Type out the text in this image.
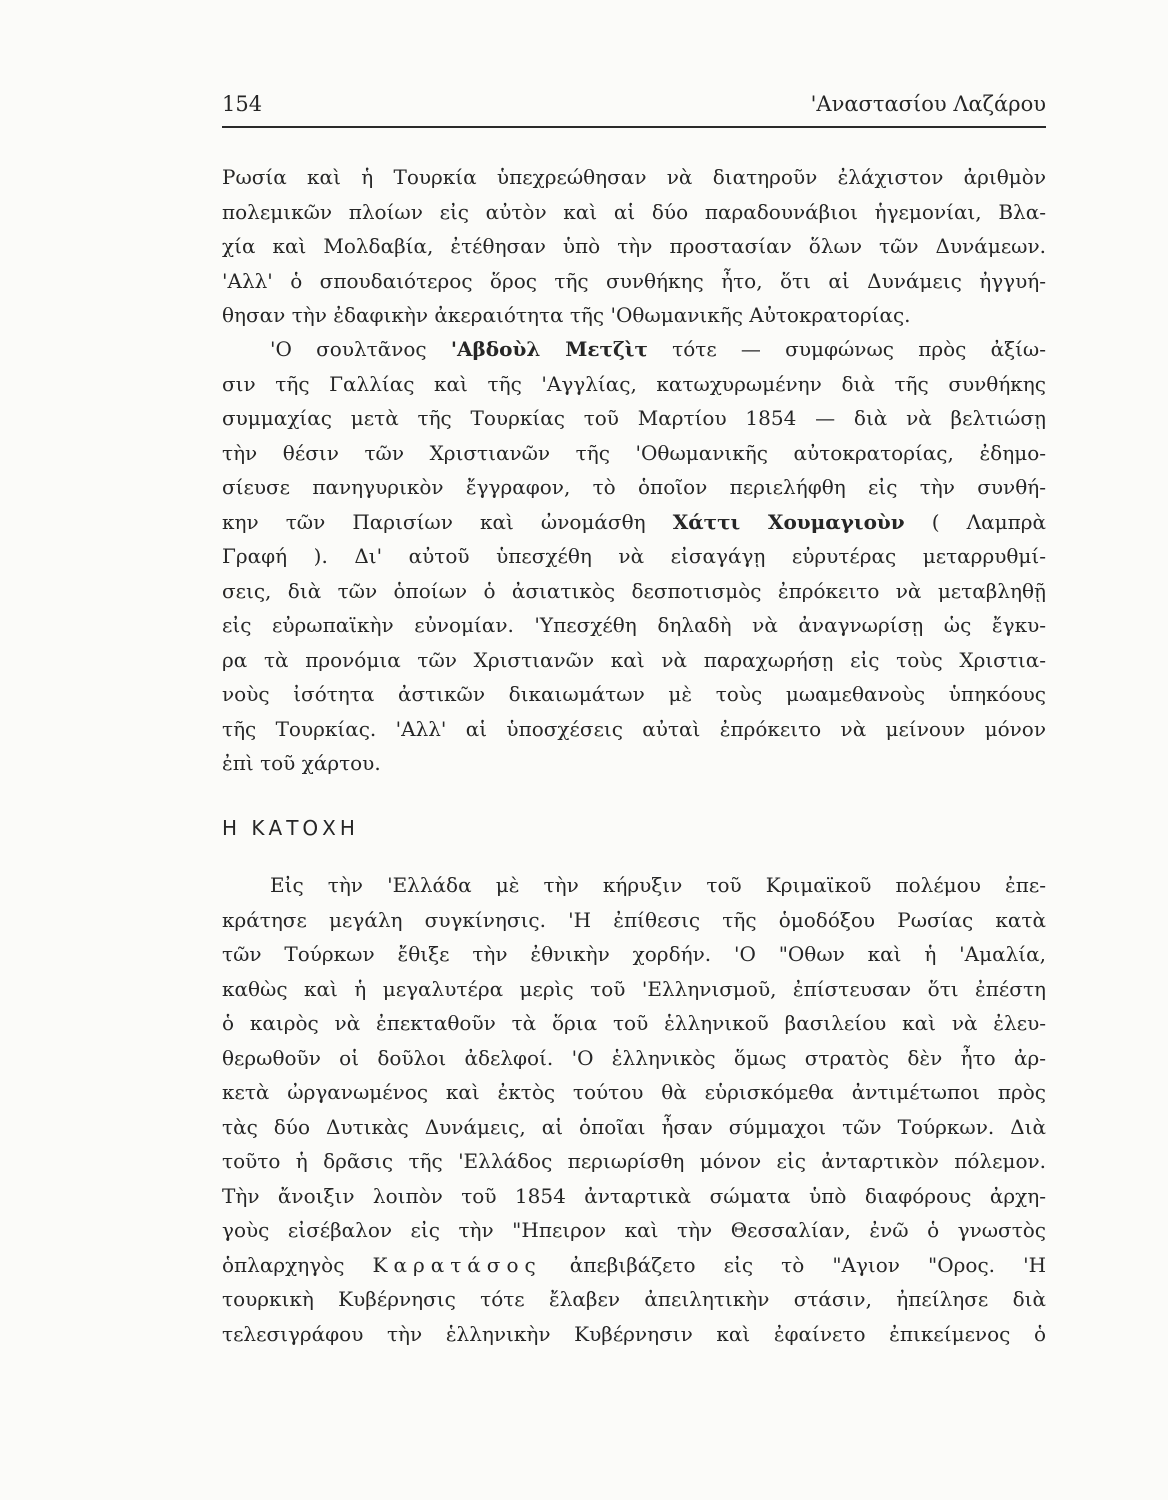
154	'Αναστασίου Λαζάρου
Ρωσία καὶ ἡ Τουρκία ὑπεχρεώθησαν νὰ διατηροῦν ἐλάχιστον ἀριθμὸν
πολεμικῶν πλοίων εἰς αὐτὸν καὶ αἱ δύο παραδουνάβιοι ἡγεμονίαι, Βλα-
χία καὶ Μολδαβία, ἐτέθησαν ὑπὸ τὴν προστασίαν ὅλων τῶν Δυνάμεων.
'Αλλ' ὁ σπουδαιότερος ὅρος τῆς συνθήκης ἦτο, ὅτι αἱ Δυνάμεις ἠγγυή-
θησαν τὴν ἐδαφικὴν ἀκεραιότητα τῆς 'Οθωμανικῆς Αὐτοκρατορίας.
'Ο σουλτᾶνος 'Αβδοὺλ Μετζὶτ τότε — συμφώνως πρὸς ἀξίω-
σιν τῆς Γαλλίας καὶ τῆς 'Αγγλίας, κατωχυρωμένην διὰ τῆς συνθήκης
συμμαχίας μετὰ τῆς Τουρκίας τοῦ Μαρτίου 1854 — διὰ νὰ βελτιώσῃ
τὴν θέσιν τῶν Χριστιανῶν τῆς 'Οθωμανικῆς αὐτοκρατορίας, ἐδημο-
σίευσε πανηγυρικὸν ἔγγραφον, τὸ ὁποῖον περιελήφθη εἰς τὴν συνθή-
κην τῶν Παρισίων καὶ ὠνομάσθη Χάττι Χουμαγιοὺν ( Λαμπρὰ
Γραφή ). Δι' αὐτοῦ ὑπεσχέθη νὰ εἰσαγάγῃ εὐρυτέρας μεταρρυθμί-
σεις, διὰ τῶν ὁποίων ὁ ἀσιατικὸς δεσποτισμὸς ἐπρόκειτο νὰ μεταβληθῇ
εἰς εὐρωπαϊκὴν εὐνομίαν. 'Υπεσχέθη δηλαδὴ νὰ ἀναγνωρίσῃ ὡς ἔγκυ-
ρα τὰ προνόμια τῶν Χριστιανῶν καὶ νὰ παραχωρήσῃ εἰς τοὺς Χριστια-
νοὺς ἰσότητα ἀστικῶν δικαιωμάτων μὲ τοὺς μωαμεθανοὺς ὑπηκόους
τῆς Τουρκίας. 'Αλλ' αἱ ὑποσχέσεις αὐταὶ ἐπρόκειτο νὰ μείνουν μόνον
ἐπὶ τοῦ χάρτου.
Η ΚΑΤΟΧΗ
Εἰς τὴν 'Ελλάδα μὲ τὴν κήρυξιν τοῦ Κριμαϊκοῦ πολέμου ἐπε-
κράτησε μεγάλη συγκίνησις. 'Η ἐπίθεσις τῆς ὁμοδόξου Ρωσίας κατὰ
τῶν Τούρκων ἔθιξε τὴν ἐθνικὴν χορδήν. 'Ο "Οθων καὶ ἡ 'Αμαλία,
καθὼς καὶ ἡ μεγαλυτέρα μερὶς τοῦ 'Ελληνισμοῦ, ἐπίστευσαν ὅτι ἐπέστη
ὁ καιρὸς νὰ ἐπεκταθοῦν τὰ ὅρια τοῦ ἑλληνικοῦ βασιλείου καὶ νὰ ἐλευ-
θερωθοῦν οἱ δοῦλοι ἀδελφοί. 'Ο ἑλληνικὸς ὅμως στρατὸς δὲν ἦτο ἀρ-
κετὰ ὠργανωμένος καὶ ἐκτὸς τούτου θὰ εὑρισκόμεθα ἀντιμέτωποι πρὸς
τὰς δύο Δυτικὰς Δυνάμεις, αἱ ὁποῖαι ἦσαν σύμμαχοι τῶν Τούρκων. Διὰ
τοῦτο ἡ δρᾶσις τῆς 'Ελλάδος περιωρίσθη μόνον εἰς ἀνταρτικὸν πόλεμον.
Τὴν ἄνοιξιν λοιπὸν τοῦ 1854 ἀνταρτικὰ σώματα ὑπὸ διαφόρους ἀρχη-
γοὺς εἰσέβαλον εἰς τὴν "Ηπειρον καὶ τὴν Θεσσαλίαν, ἐνῶ ὁ γνωστὸς
ὁπλαρχηγὸς Καρατάσος ἀπεβιβάζετο εἰς τὸ "Αγιον "Ορος. 'Η
τουρκικὴ Κυβέρνησις τότε ἔλαβεν ἀπειλητικὴν στάσιν, ἠπείλησε διὰ
τελεσιγράφου τὴν ἑλληνικὴν Κυβέρνησιν καὶ ἐφαίνετο ἐπικείμενος ὁ
